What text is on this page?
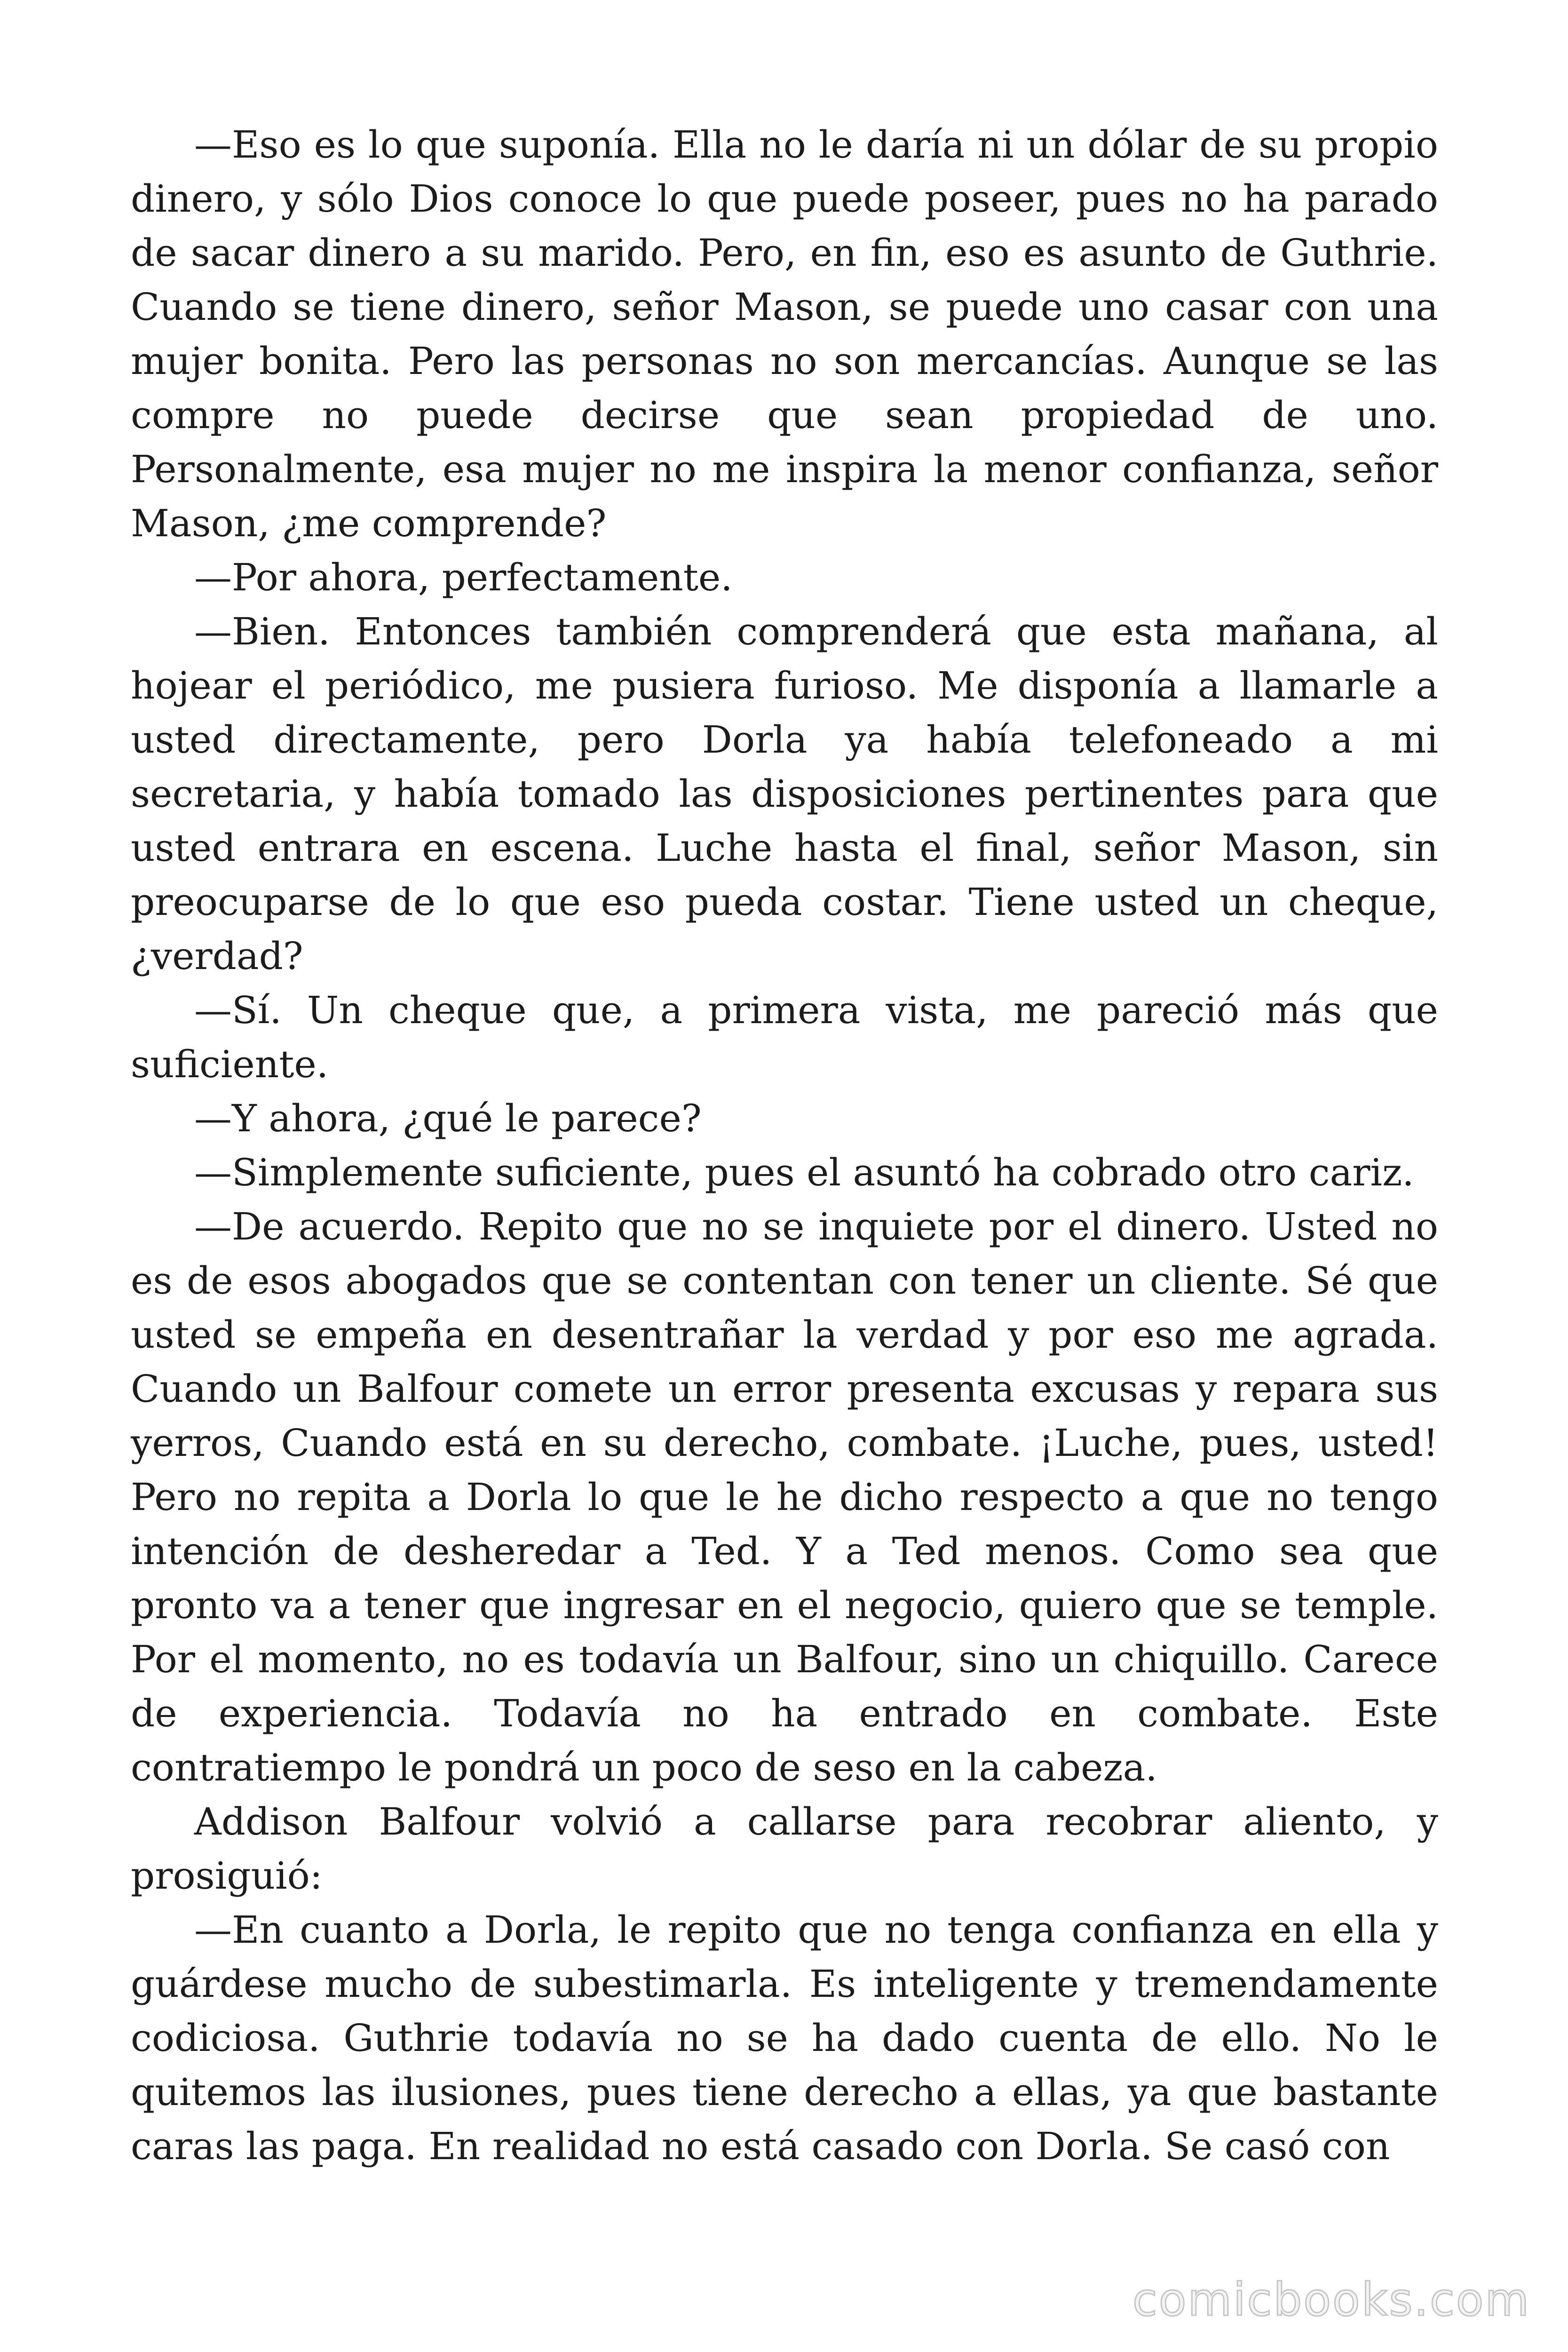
—Eso es lo que suponía. Ella no le daría ni un dólar de su propio dinero, y sólo Dios conoce lo que puede poseer, pues no ha parado de sacar dinero a su marido. Pero, en fin, eso es asunto de Guthrie. Cuando se tiene dinero, señor Mason, se puede uno casar con una mujer bonita. Pero las personas no son mercancías. Aunque se las compre no puede decirse que sean propiedad de uno. Personalmente, esa mujer no me inspira la menor confianza, señor Mason, ¿me comprende?

—Por ahora, perfectamente.

—Bien. Entonces también comprenderá que esta mañana, al hojear el periódico, me pusiera furioso. Me disponía a llamarle a usted directamente, pero Dorla ya había telefoneado a mi secretaria, y había tomado las disposiciones pertinentes para que usted entrara en escena. Luche hasta el final, señor Mason, sin preocuparse de lo que eso pueda costar. Tiene usted un cheque, ¿verdad?

—Sí. Un cheque que, a primera vista, me pareció más que suficiente.

—Y ahora, ¿qué le parece?

—Simplemente suficiente, pues el asuntó ha cobrado otro cariz.

—De acuerdo. Repito que no se inquiete por el dinero. Usted no es de esos abogados que se contentan con tener un cliente. Sé que usted se empeña en desentrañar la verdad y por eso me agrada. Cuando un Balfour comete un error presenta excusas y repara sus yerros, Cuando está en su derecho, combate. ¡Luche, pues, usted! Pero no repita a Dorla lo que le he dicho respecto a que no tengo intención de desheredar a Ted. Y a Ted menos. Como sea que pronto va a tener que ingresar en el negocio, quiero que se temple. Por el momento, no es todavía un Balfour, sino un chiquillo. Carece de experiencia. Todavía no ha entrado en combate. Este contratiempo le pondrá un poco de seso en la cabeza.

Addison Balfour volvió a callarse para recobrar aliento, y prosiguió:

—En cuanto a Dorla, le repito que no tenga confianza en ella y guárdese mucho de subestimarla. Es inteligente y tremendamente codiciosa. Guthrie todavía no se ha dado cuenta de ello. No le quitemos las ilusiones, pues tiene derecho a ellas, ya que bastante caras las paga. En realidad no está casado con Dorla. Se casó con

comicbooks.com
